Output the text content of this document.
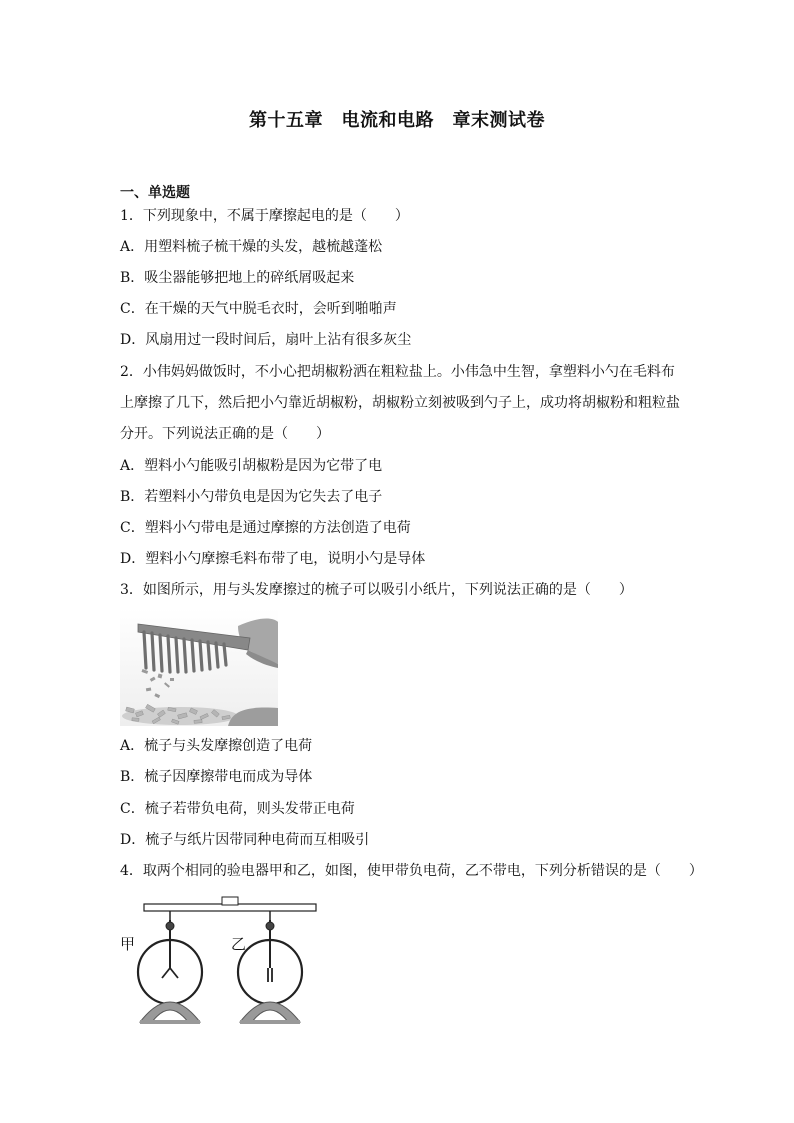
第十五章　电流和电路　章末测试卷
一、单选题
1．下列现象中，不属于摩擦起电的是（　　）
A．用塑料梳子梳干燥的头发，越梳越蓬松
B．吸尘器能够把地上的碎纸屑吸起来
C．在干燥的天气中脱毛衣时，会听到啪啪声
D．风扇用过一段时间后，扇叶上沾有很多灰尘
2．小伟妈妈做饭时，不小心把胡椒粉洒在粗粒盐上。小伟急中生智，拿塑料小勺在毛料布
上摩擦了几下，然后把小勺靠近胡椒粉，胡椒粉立刻被吸到勺子上，成功将胡椒粉和粗粒盐
分开。下列说法正确的是（　　）
A．塑料小勺能吸引胡椒粉是因为它带了电
B．若塑料小勺带负电是因为它失去了电子
C．塑料小勺带电是通过摩擦的方法创造了电荷
D．塑料小勺摩擦毛料布带了电，说明小勺是导体
3．如图所示，用与头发摩擦过的梳子可以吸引小纸片，下列说法正确的是（　　）
A．梳子与头发摩擦创造了电荷
B．梳子因摩擦带电而成为导体
C．梳子若带负电荷，则头发带正电荷
D．梳子与纸片因带同种电荷而互相吸引
4．取两个相同的验电器甲和乙，如图，使甲带负电荷，乙不带电，下列分析错误的是（　　）
甲	乙
